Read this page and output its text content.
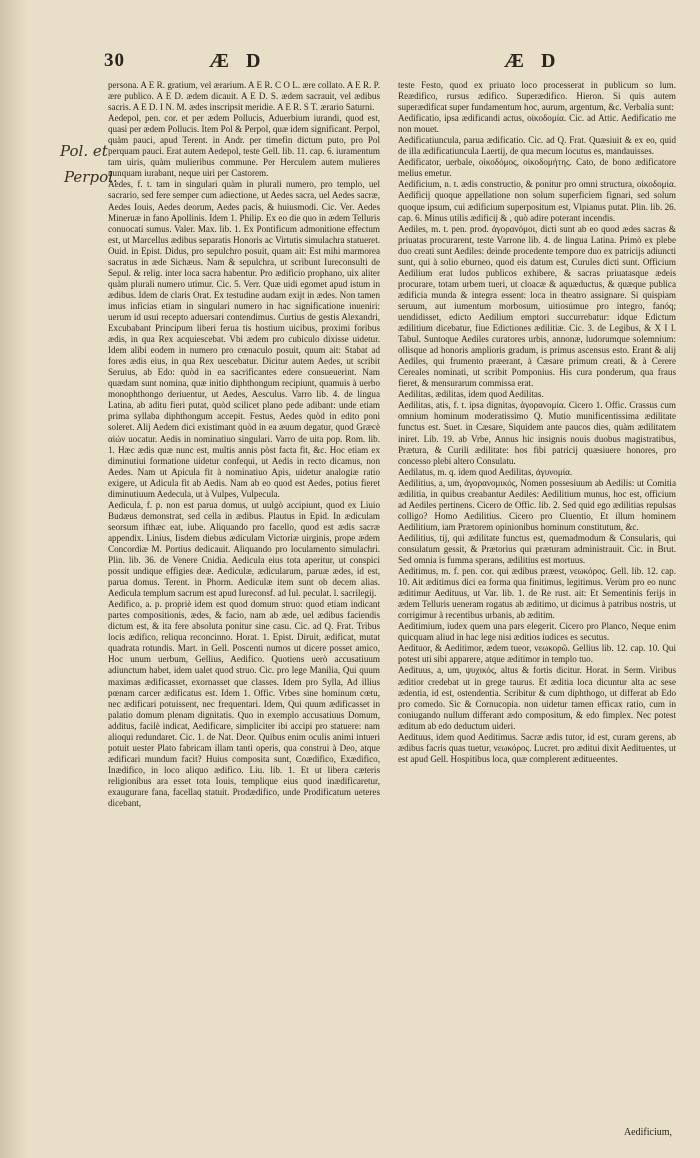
30	Æ D	Æ D
Pol. et
Perpol.

persona. A E R. gratium, vel ærarium. A E R. C O L. ære collato. A E R. P. ære publico. A E D. ædem dicauit. A E D. S. ædem sacrauit, vel ædibus sacris. A E D. I N. M. ædes inscripsit meridie. A E R. S T. ærario Saturni.

Aedepol, pen. cor. et per ædem Pollucis, Aduerbium iurandi, quod est, quasi per ædem Pollucis. Item Pol & Perpol, quæ idem significant. Perpol, quàm pauci, apud Terent. in Andr. per timefin dictum puto, pro Pol perquam pauci. Erat autem Aedepol, teste Gell. lib. 11. cap. 6. iuramentum tam uiris, quàm mulieribus commune. Per Herculem autem mulieres nunquam iurabant, neque uiri per Castorem.

Aedes, f. t. tam in singulari quàm in plurali numero, pro templo, uel sacrario, sed fere semper cum adiectione, ut Aedes sacra, uel Aedes sacræ, Aedes Iouis, Aedes deorum, Aedes pacis, & huiusmodi. Cic. Ver. Aedes Mineruæ in fano Apollinis. Idem 1. Philip. Ex eo die quo in ædem Telluris conuocati sumus. Valer. Max. lib. 1. Ex Pontificum admonitione effectum est, ut Marcellus ædibus separatis Honoris ac Virtutis simulachra statueret. Ouid. in Epist. Didus, pro sepulchro posuit, quam ait: Est mihi marmorea sacratus in æde Sichæus. Nam & sepulchra, ut scribunt Iureconsulti de Sepul. & relig. inter loca sacra habentur. Pro ædificio prophano, uix aliter quàm plurali numero utimur. Cic. 5. Verr. Quæ uidi egomet apud istum in ædibus. Idem de claris Orat. Ex testudine audam exijt in ædes. Non tamen imus inficias etiam in singulari numero in hac significatione inueniri: uerum id usui recepto aduersari contendimus. Curtius de gestis Alexandri, Excubabant Principum liberi ferua tis hostium uicibus, proximi foribus ædis, in qua Rex acquiescebat. Vbi ædem pro cubiculo dixisse uidetur. Idem alibi eodem in numero pro cœnaculo posuit, quum ait: Stabat ad fores ædis eius, in qua Rex uescebatur. Dicitur autem Aedes, ut scribit Seruius, ab Edo: quòd in ea sacrificantes edere consueuerint. Nam quædam sunt nomina, quæ initio diphthongum recipiunt, quamuis à uerbo monophthongo deriuentur, ut Aedes, Aesculus. Varro lib. 4. de lingua Latina, ab aditu fieri putat, quòd scilicet plano pede adibant: unde etiam prima syllaba diphthongum accepit. Festus, Aedes quòd in edito poni soleret. Alij Aedem dici existimant quòd in ea æuum degatur, quod Græcè αἰών uocatur. Aedis in nominatiuo singulari. Varro de uita pop. Rom. lib. 1. Hæc ædis quæ nunc est, multis annis pòst facta fit, &c. Hoc etiam ex diminutiui formatione uidetur confequi, ut Aedis in recto dicamus, non Aedes. Nam ut Apicula fit à nominatiuo Apis, uidetur analogiæ ratio exigere, ut Adicula fit ab Aedis. Nam ab eo quod est Aedes, potius fieret diminutiuum Aedecula, ut à Vulpes, Vulpecula.

Aedicula, f. p. non est parua domus, ut uulgò accipiunt, quod ex Liuio Budæus demonstrat, sed cella in ædibus. Plautus in Epid. In ædiculam seorsum ifthæc eat, iube. Aliquando pro facello, quod est ædis sacræ appendix. Linius, Iisdem diebus ædiculam Victoriæ uirginis, prope ædem Concordiæ M. Portius dedicauit. Aliquando pro loculamento simulachri. Plin. lib. 36. de Venere Cnidia. Aedicula eius tota aperitur, ut conspici possit undique effigies deæ. Aediculæ, ædicularum, paruæ ædes, id est, parua domus. Terent. in Phorm. Aediculæ item sunt ob decem alias. Aedicula templum sacrum est apud Iureconsf. ad Iul. peculat. l. sacrilegij.

Aedifico, a. p. propriè idem est quod domum struo: quod etiam indicant partes compositionis, ædes, & facio, nam ab æde, uel ædibus faciendis dictum est, & ita fere absoluta ponitur sine casu. Cic. ad Q. Frat. Tribus locis ædifico, reliqua reconcinno. Horat. 1. Epist. Diruit, ædificat, mutat quadrata rotundis. Mart. in Gell. Poscenti numos ut dicere posset amico, Hoc unum uerbum, Gellius, Aedifico. Quotiens uerò accusatiuum adiunctum habet, idem ualet quod struo. Cic. pro lege Manilia, Qui quum maximas ædificasset, exornasset que classes. Idem pro Sylla, Ad illius pœnam carcer ædificatus est. Idem 1. Offic. Vrbes sine hominum cœtu, nec ædificari potuissent, nec frequentari. Idem, Qui quum ædificasset in palatio domum plenam dignitatis. Quo in exemplo accusatiuus Domum, additus, facilè indicat, Aedificare, simpliciter ibi accipi pro statuere: nam alioqui redundaret. Cic. 1. de Nat. Deor. Quibus enim oculis animi intueri potuit uester Plato fabricam illam tanti operis, qua construi à Deo, atque ædificari mundum facit? Huius composita sunt, Coædifico, Exædifico, Inædifico, in loco aliquo ædifico. Liu. lib. 1. Et ut libera cæteris religionibus ara esset tota Iouis, templique eius quod inædificaretur, exaugurare fana, facellaq statuit. Prodædifico, unde Prodificatum ueteres dicebant,

teste Festo, quod ex priuato loco processerat in publicum so lum. Reædifico, rursus ædifico. Superædifico. Hieron. Si quis autem superædificat super fundamentum hoc, aurum, argentum, &c. Verbalia sunt:

Aedificatio, ipsa ædificandi actus, οἰκοδομία. Cic. ad Attic. Aedificatio me non mouet.

Aedificatiuncula, parua ædificatio. Cic. ad Q. Frat. Quæsiuit & ex eo, quid de illa ædificatiuncula Laertij, de qua mecum locutus es, mandauisses.

Aedificator, uerbale, οἰκοδόμος, οἰκοδομήτης. Cato, de bono ædificatore melius emetur.

Aedificium, n. t. ædis constructio, & ponitur pro omni structura, οἰκοδομία. Aedificij quoque appellatione non solum superficiem fignari, sed solum quoque ipsum, cui ædificium superpositum est, Vlpianus putat. Plin. lib. 26. cap. 6. Minus utilis ædificij & , quò adire poterant incendis.

Aediles, m. t. pen. prod. ἀγορανόμοι, dicti sunt ab eo quod ædes sacras & priuatas procurarent, teste Varrone lib. 4. de lingua Latina. Primò ex plebe duo creati sunt Aediles: deinde procedente tempore duo ex patricijs adiuncti sunt, qui à solio eburneo, quod eis datum est, Curules dicti sunt. Officium Aedilium erat ludos publicos exhibere, & sacras priuatasque ædeis procurare, totam urbem tueri, ut cloacæ & aquæductus, & quæque publica ædificia munda & integra essent: loca in theatro assignare. Si quispiam seruum, aut iumentum morbosum, uitiosúmue pro integro, fanóq; uendidisset, edicto Aedilium emptori succurrebatur: idque Edictum ædilitium dicebatur, fiue Edictiones ædilitiæ. Cic. 3. de Legibus, & X I I. Tabul. Suntoque Aediles curatores urbis, annonæ, ludorumque solemnium: ollisque ad honoris amplioris gradum, is primus ascensus esto. Erant & alij Aediles, qui frumento præerant, à Cæsare primum creati, & à Cerere Cereales nominati, ut scribit Pomponius. His cura ponderum, qua fraus fieret, & mensurarum commissa erat.

Aedilitas, ædilitas, idem quod Aedilitas.

Aedilitas, atis, f. t. ipsa dignitas, ἀγορανομία. Cicero 1. Offic. Crassus cum omnium hominum moderatissimo Q. Mutio munificentissima ædilitate functus est. Suet. in Cæsare, Siquidem ante paucos dies, quàm ædilitatem iniret. Lib. 19. ab Vrbe, Annus hic insignis nouis duobus magistratibus, Prætura, & Curili ædilitate: hos fibi patricij quæsiuere honores, pro concesso plebi altero Consulatu.

Aedilatus, m. q. idem quod Aedilitas, ἀγυνομία.

Aedilitius, a, um, ἀγορανομικός, Nomen possesiuum ab Aedilis: ut Comitia ædilitia, in quibus creabantur Aediles: Aedilitium munus, hoc est, officium ad Aediles pertinens. Cicero de Offic. lib. 2. Sed quid ego ædilitias repulsas colligo? Homo Aedilitius. Cicero pro Cluentio, Et illum hominem Aedilitium, iam Prætorem opinionibus hominum constitutum, &c.

Aedilitius, tij, qui ædilitate functus est, quemadmodum & Consularis, qui consulatum gessit, & Prætorius qui præturam administrauit. Cic. in Brut. Sed omnia is fumma sperans, ædilitius est mortuus.

Aeditimus, m. f. pen. cor. qui ædibus præest, νεωκόρος. Gell. lib. 12. cap. 10. Ait æditimus dici ea forma qua finitimus, legitimus. Verùm pro eo nunc æditimur Aedituus, ut Var. lib. 1. de Re rust. ait: Et Sementinis ferijs in ædem Telluris ueneram rogatus ab æditimo, ut dicimus à patribus nostris, ut corrigimur à recentibus urbanis, ab æditim.

Aeditimium, iudex quem una pars elegerit. Cicero pro Planco, Neque enim quicquam aliud in hac lege nisi æditios iudices es secutus.

Aedituor, & Aeditimor, ædem tueor, νεωκορῶ. Gellius lib. 12. cap. 10. Qui potest uti sibi apparere, atque æditimor in templo tuo.

Aedituus, a, um, ψυχικός, altus & fortis dicitur. Horat. in Serm. Viribus æditior credebat ut in grege taurus. Et æditia loca dicuntur alta ac sese ædentia, id est, ostendentia. Scribitur & cum diphthogo, ut differat ab Edo pro comedo. Sic & Cornucopia. non uidetur tamen efficax ratio, cum in coniugando nullum differant ædo compositum, & edo fimplex. Nec potest æditum ab edo deductum uideri.

Aedituus, idem quod Aeditimus. Sacræ ædis tutor, id est, curam gerens, ab ædibus facris quas tuetur, νεωκόρος. Lucret. pro æditui dixit Aedituentes, ut est apud Gell. Hospitibus loca, quæ complerent æditueentes.

Aedificium,
